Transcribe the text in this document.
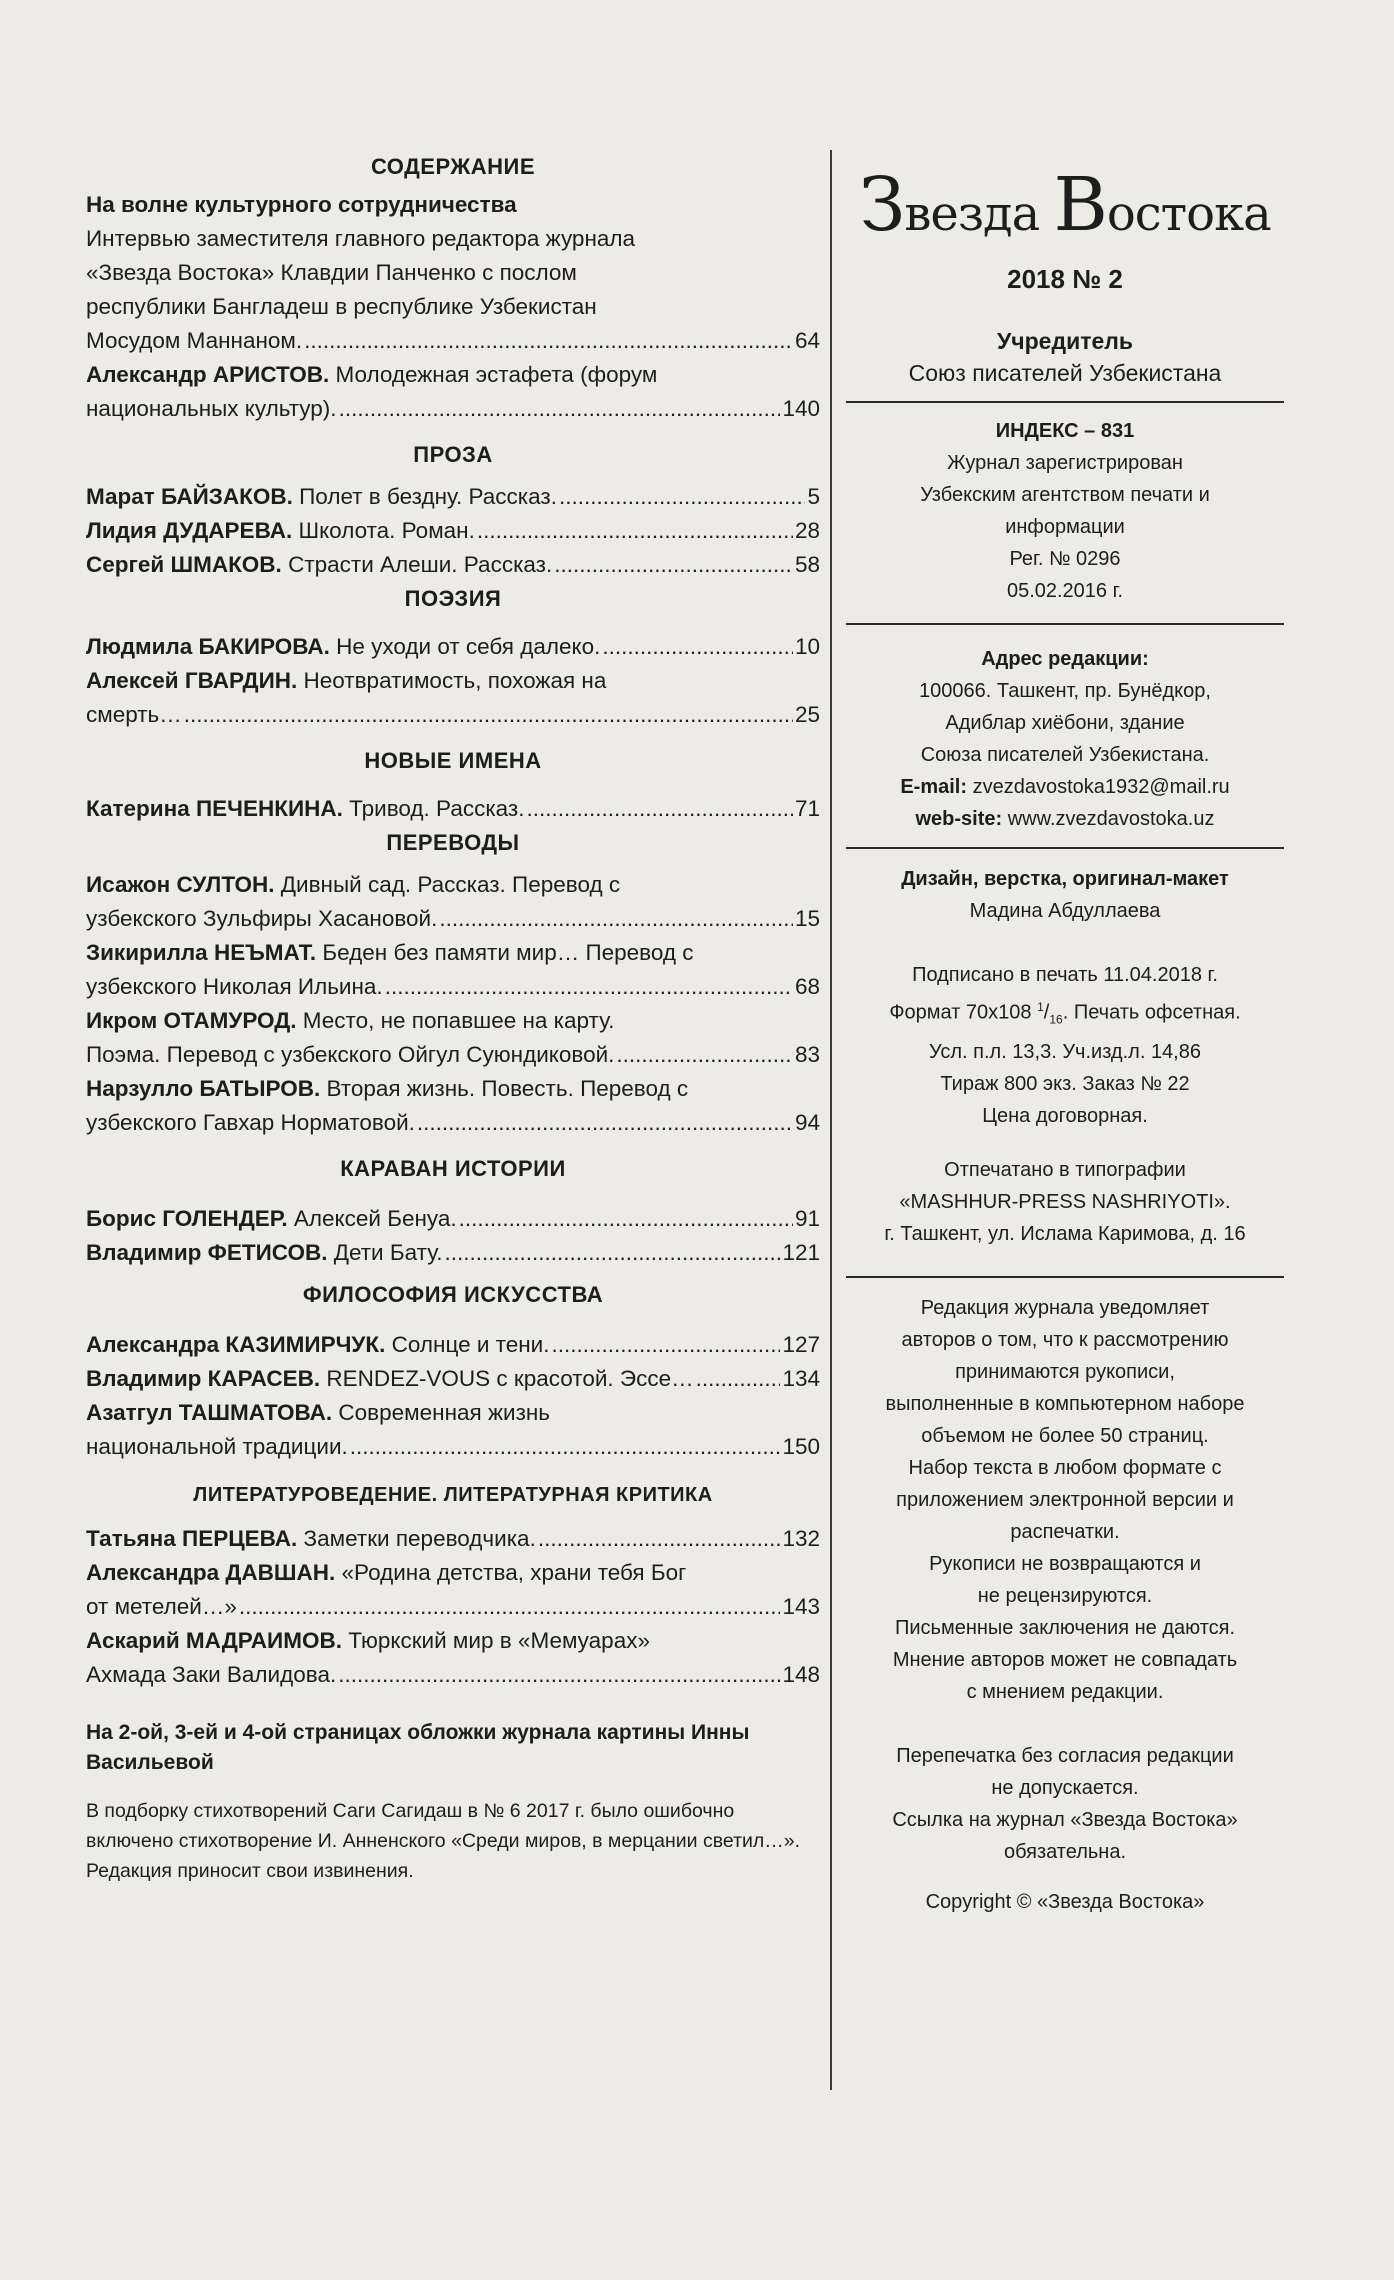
СОДЕРЖАНИЕ
На волне культурного сотрудничества
Интервью заместителя главного редактора журнала
«Звезда Востока» Клавдии Панченко с послом
республики Бангладеш в республике Узбекистан
Мосудом Маннаном. .....	64
Александр АРИСТОВ. Молодежная эстафета (форум
национальных культур). .....	140
ПРОЗА
Марат БАЙЗАКОВ. Полет в бездну. Рассказ. .....	5
Лидия ДУДАРЕВА. Школота. Роман. .....	28
Сергей ШМАКОВ. Страсти Алеши. Рассказ. .....	58
ПОЭЗИЯ
Людмила БАКИРОВА. Не уходи от себя далеко. .....	10
Алексей ГВАРДИН. Неотвратимость, похожая на
смерть… .....	25
НОВЫЕ ИМЕНА
Катерина ПЕЧЕНКИНА. Тривод. Рассказ. .....	71
ПЕРЕВОДЫ
Исажон СУЛТОН. Дивный сад. Рассказ. Перевод с
узбекского Зульфиры Хасановой. .....	15
Зикирилла НЕЪМАТ. Беден без памяти мир… Перевод с
узбекского Николая Ильина. .....	68
Икром ОТАМУРОД. Место, не попавшее на карту.
Поэма. Перевод с узбекского Ойгул Суюндиковой. .....	83
Нарзулло БАТЫРОВ. Вторая жизнь. Повесть. Перевод с
узбекского Гавхар Норматовой. .....	94
КАРАВАН ИСТОРИИ
Борис ГОЛЕНДЕР. Алексей Бенуа. .....	91
Владимир ФЕТИСОВ. Дети Бату. .....	121
ФИЛОСОФИЯ ИСКУССТВА
Александра КАЗИМИРЧУК. Солнце и тени. .....	127
Владимир КАРАСЕВ. RENDEZ-VOUS с красотой. Эссе… .....	134
Азатгул ТАШМАТОВА. Современная жизнь
национальной традиции. .....	150
ЛИТЕРАТУРОВЕДЕНИЕ. ЛИТЕРАТУРНАЯ КРИТИКА
Татьяна ПЕРЦЕВА. Заметки переводчика. .....	132
Александра ДАВШАН. «Родина детства, храни тебя Бог
от метелей…» .....	143
Аскарий МАДРАИМОВ. Тюркский мир в «Мемуарах»
Ахмада Заки Валидова. .....	148
На 2-ой, 3-ей и 4-ой страницах обложки журнала картины Инны Васильевой
В подборку стихотворений Саги Сагидаш в № 6 2017 г. было ошибочно включено стихотворение И. Анненского «Среди миров, в мерцании светил…». Редакция приносит свои извинения.
Звезда Востока
2018 № 2
Учредитель
Союз писателей Узбекистана
ИНДЕКС – 831
Журнал зарегистрирован
Узбекским агентством печати и
информации
Рег. № 0296
05.02.2016 г.
Адрес редакции:
100066. Ташкент, пр. Бунёдкор,
Адиблар хиёбони, здание
Союза писателей Узбекистана.
E-mail: zvezdavostoka1932@mail.ru
web-site: www.zvezdavostoka.uz
Дизайн, верстка, оригинал-макет
Мадина Абдуллаева
Подписано в печать 11.04.2018 г.
Формат 70х108 $^1/_{16}$. Печать офсетная.
Усл. п.л. 13,3. Уч.изд.л. 14,86
Тираж 800 экз. Заказ № 22
Цена договорная.
Отпечатано в типографии
«MASHHUR-PRESS NASHRIYOTI».
г. Ташкент, ул. Ислама Каримова, д. 16
Редакция журнала уведомляет
авторов о том, что к рассмотрению
принимаются рукописи,
выполненные в компьютерном наборе
объемом не более 50 страниц.
Набор текста в любом формате с
приложением электронной версии и
распечатки.
Рукописи не возвращаются и
не рецензируются.
Письменные заключения не даются.
Мнение авторов может не совпадать
с мнением редакции.
Перепечатка без согласия редакции
не допускается.
Ссылка на журнал «Звезда Востока»
обязательна.
Copyright © «Звезда Востока»
